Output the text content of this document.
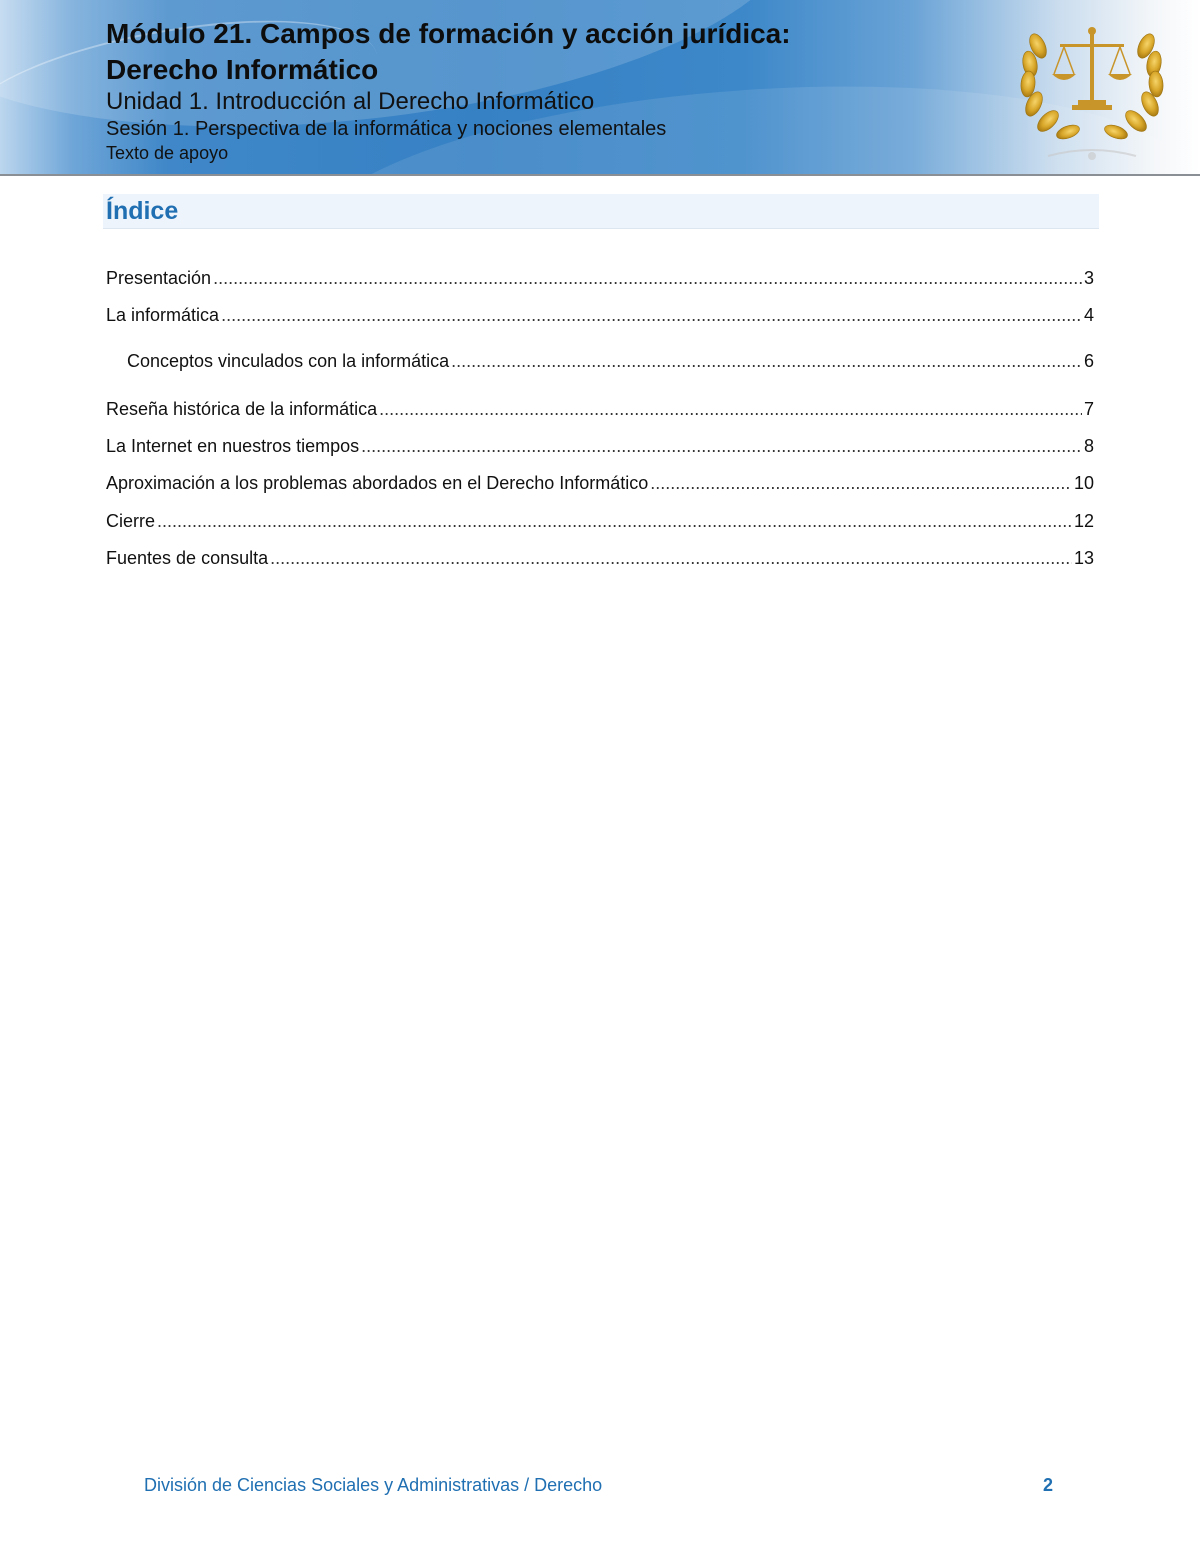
Módulo 21. Campos de formación y acción jurídica:

Derecho Informático

Unidad 1. Introducción al Derecho Informático

Sesión 1. Perspectiva de la informática y nociones elementales

Texto de apoyo

Índice
Presentación .....	3
La informática .....	4
Conceptos vinculados con la informática .....	6
Reseña histórica de la informática .....	7
La Internet en nuestros tiempos .....	8
Aproximación a los problemas abordados en el Derecho Informático .....	10
Cierre .....	12
Fuentes de consulta .....	13

División de Ciencias Sociales y Administrativas / Derecho	2
